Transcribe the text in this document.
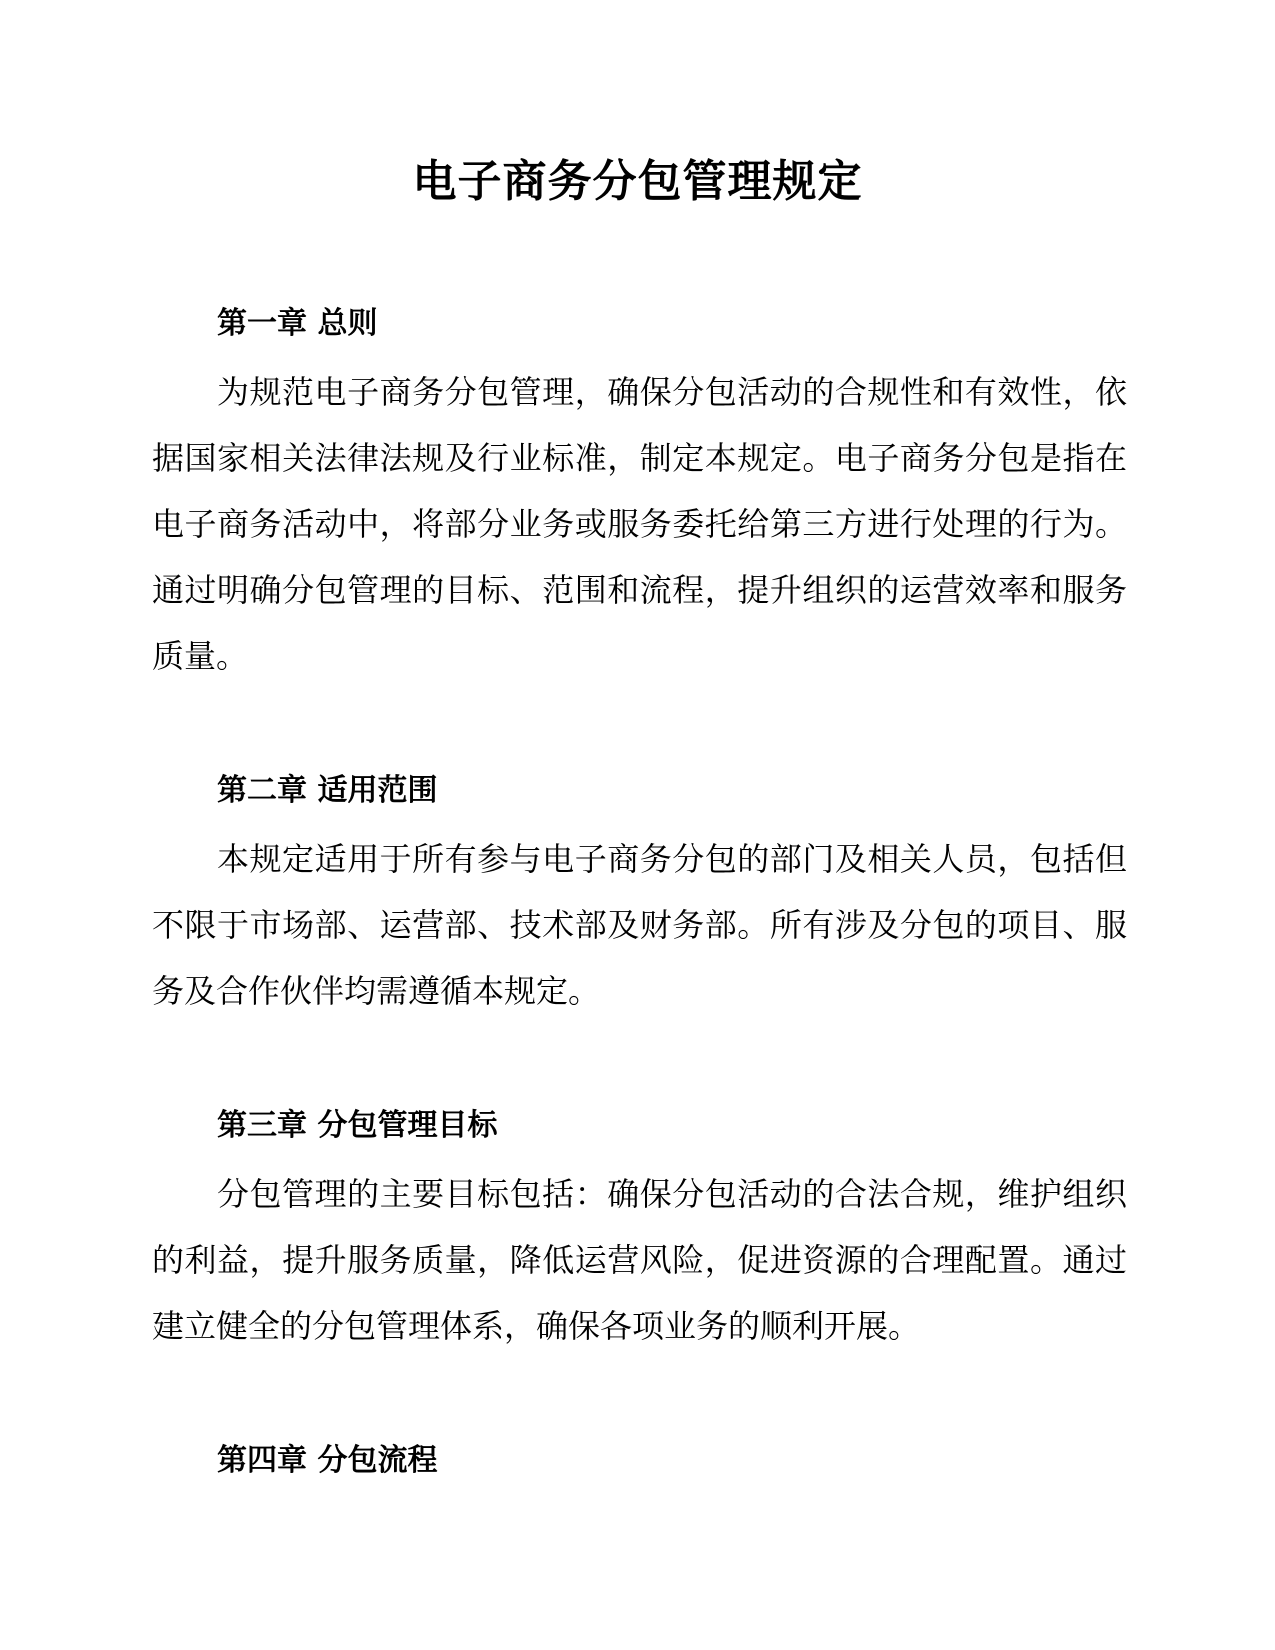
电子商务分包管理规定
第一章 总则

为规范电子商务分包管理，确保分包活动的合规性和有效性，依据国家相关法律法规及行业标准，制定本规定。电子商务分包是指在电子商务活动中，将部分业务或服务委托给第三方进行处理的行为。通过明确分包管理的目标、范围和流程，提升组织的运营效率和服务质量。

第二章 适用范围

本规定适用于所有参与电子商务分包的部门及相关人员，包括但不限于市场部、运营部、技术部及财务部。所有涉及分包的项目、服务及合作伙伴均需遵循本规定。

第三章 分包管理目标

分包管理的主要目标包括：确保分包活动的合法合规，维护组织的利益，提升服务质量，降低运营风险，促进资源的合理配置。通过建立健全的分包管理体系，确保各项业务的顺利开展。

第四章 分包流程
